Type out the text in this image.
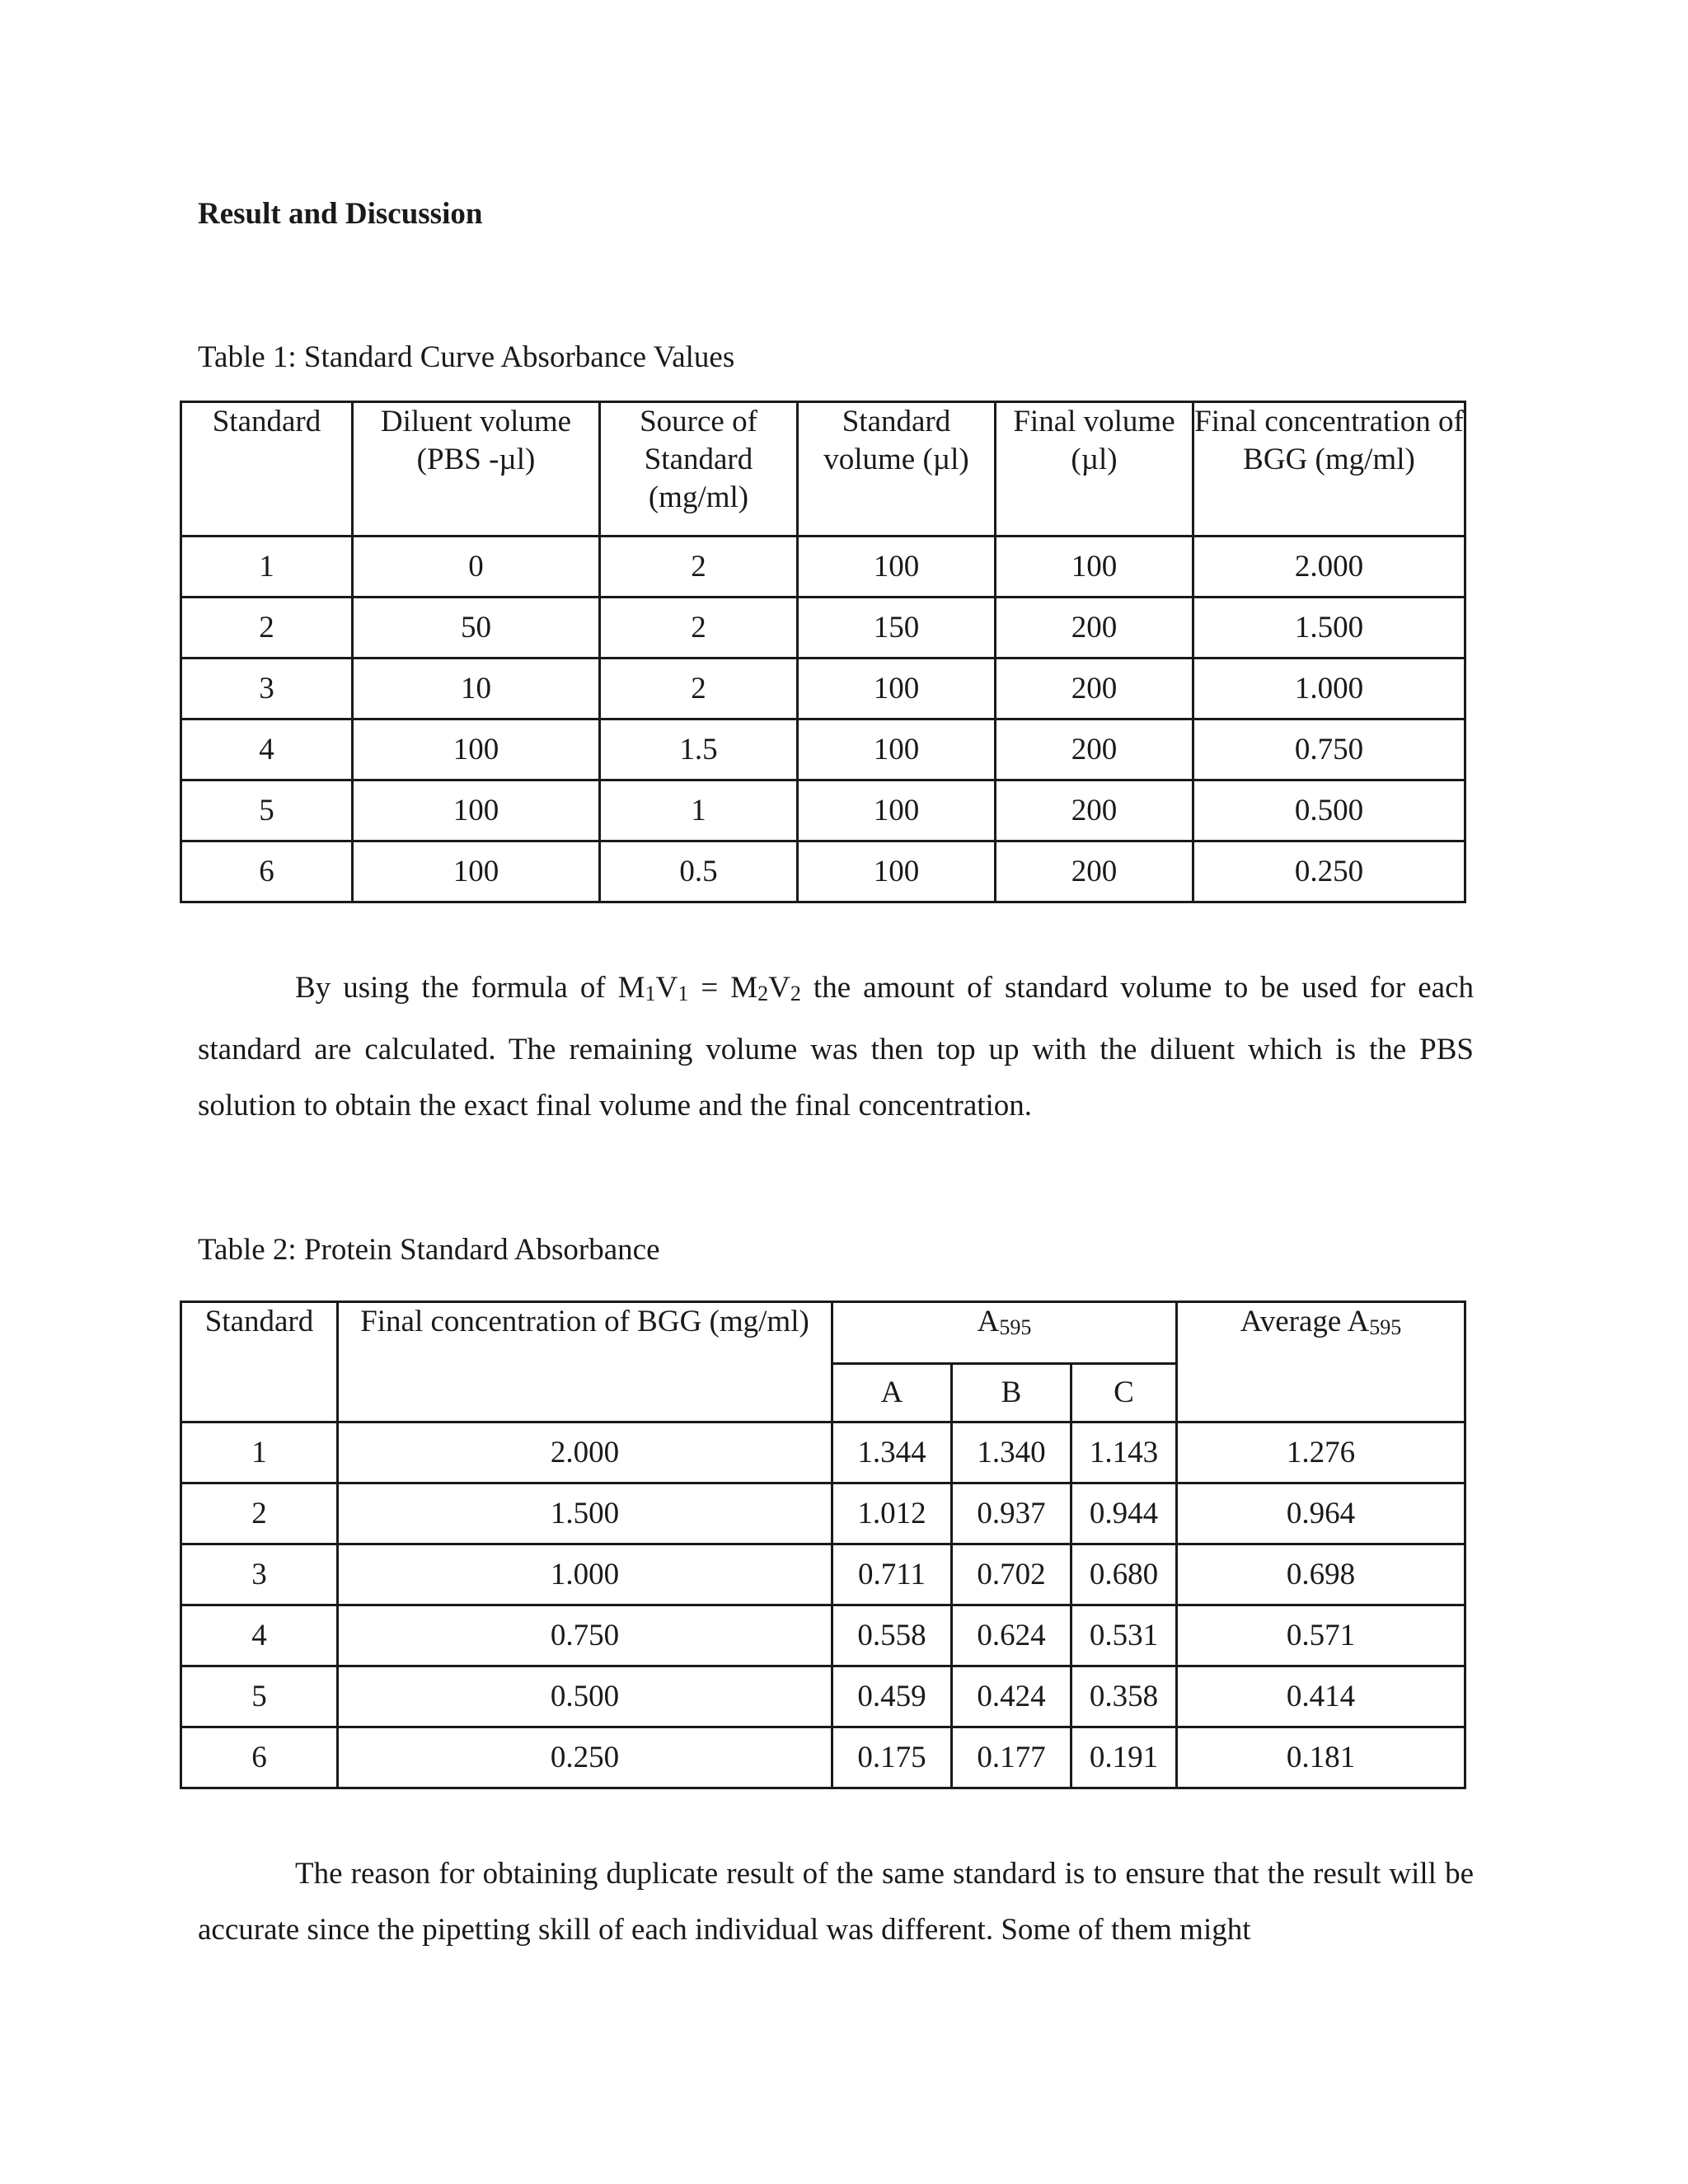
Result and Discussion
Table 1: Standard Curve Absorbance Values
Standard	Diluent volume (PBS -µl)	Source of Standard (mg/ml)	Standard volume (µl)	Final volume (µl)	Final concentration of BGG (mg/ml)
1	0	2	100	100	2.000
2	50	2	150	200	1.500
3	10	2	100	200	1.000
4	100	1.5	100	200	0.750
5	100	1	100	200	0.500
6	100	0.5	100	200	0.250
By using the formula of $M_1V_1 = M_2V_2$ the amount of standard volume to be used for each standard are calculated. The remaining volume was then top up with the diluent which is the PBS solution to obtain the exact final volume and the final concentration.
Table 2: Protein Standard Absorbance
Standard	Final concentration of BGG (mg/ml)	$A_{595}$			Average $A_{595}$
		A	B	C	
1	2.000	1.344	1.340	1.143	1.276
2	1.500	1.012	0.937	0.944	0.964
3	1.000	0.711	0.702	0.680	0.698
4	0.750	0.558	0.624	0.531	0.571
5	0.500	0.459	0.424	0.358	0.414
6	0.250	0.175	0.177	0.191	0.181
The reason for obtaining duplicate result of the same standard is to ensure that the result will be accurate since the pipetting skill of each individual was different. Some of them might
